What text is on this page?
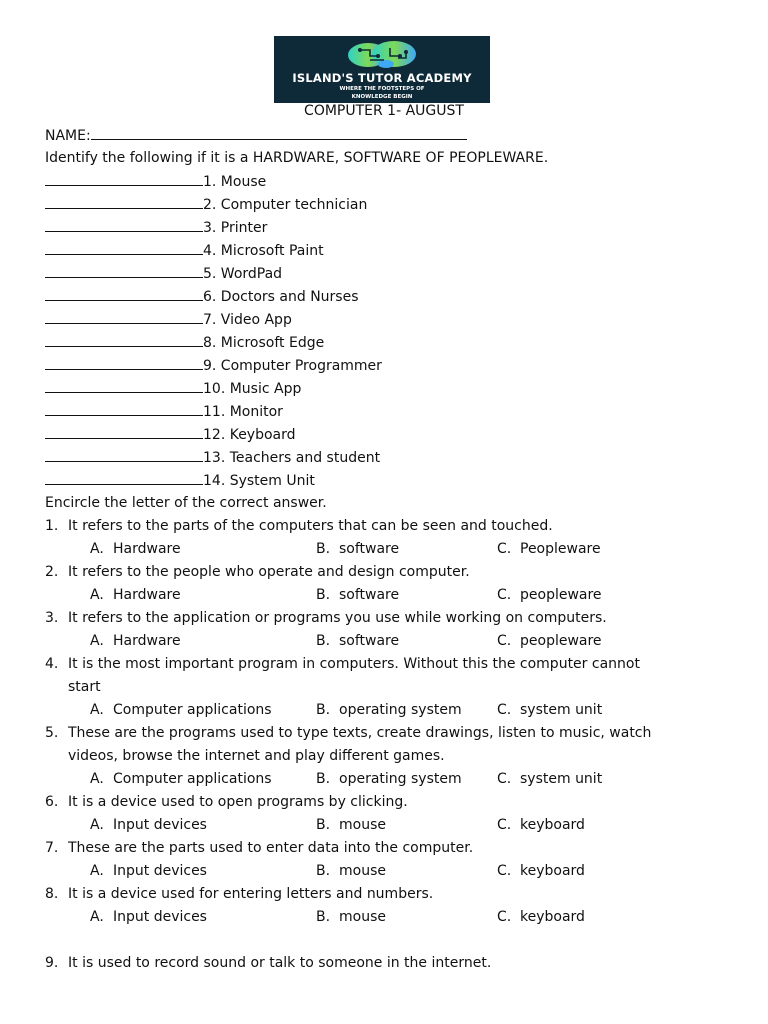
ISLAND'S TUTOR ACADEMY
WHERE THE FOOTSTEPS OF
KNOWLEDGE BEGIN
COMPUTER 1- AUGUST
NAME:
Identify the following if it is a HARDWARE, SOFTWARE OF PEOPLEWARE.
1. Mouse
2. Computer technician
3. Printer
4. Microsoft Paint
5. WordPad
6. Doctors and Nurses
7. Video App
8. Microsoft Edge
9. Computer Programmer
10. Music App
11. Monitor
12. Keyboard
13. Teachers and student
14. System Unit
Encircle the letter of the correct answer.
1. It refers to the parts of the computers that can be seen and touched.
A. Hardware	B. software	C. Peopleware
2. It refers to the people who operate and design computer.
A. Hardware	B. software	C. peopleware
3. It refers to the application or programs you use while working on computers.
A. Hardware	B. software	C. peopleware
4. It is the most important program in computers. Without this the computer cannot
start
A. Computer applications	B. operating system	C. system unit
5. These are the programs used to type texts, create drawings, listen to music, watch
videos, browse the internet and play different games.
A. Computer applications	B. operating system	C. system unit
6. It is a device used to open programs by clicking.
A. Input devices	B. mouse	C. keyboard
7. These are the parts used to enter data into the computer.
A. Input devices	B. mouse	C. keyboard
8. It is a device used for entering letters and numbers.
A. Input devices	B. mouse	C. keyboard
9. It is used to record sound or talk to someone in the internet.
